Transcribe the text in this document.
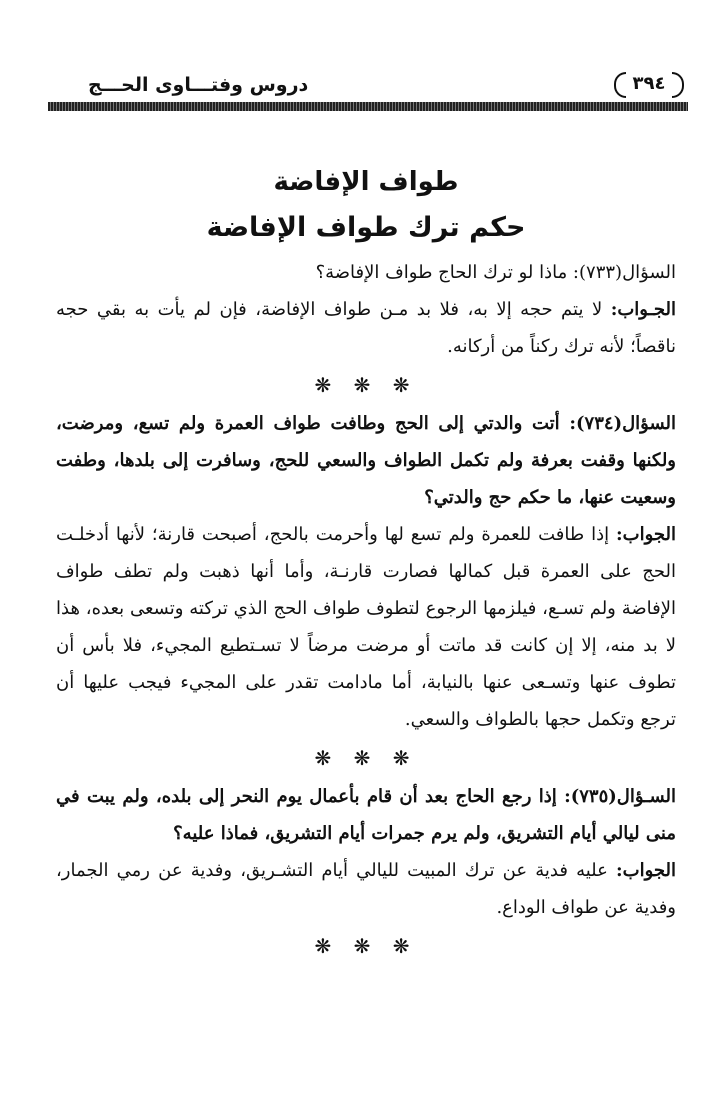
٣٩٤
دروس وفتـــاوى الحـــج
طواف الإفاضة
حكم ترك طواف الإفاضة

السؤال(٧٣٣): ماذا لو ترك الحاج طواف الإفاضة؟

الجـواب: لا يتم حجه إلا به، فلا بد مـن طواف الإفاضة، فإن لم يأت به بقي حجه ناقصاً؛ لأنه ترك ركناً من أركانه.

❋ ❋ ❋

السؤال(٧٣٤): أتت والدتي إلى الحج وطافت طواف العمرة ولم تسع، ومرضت، ولكنها وقفت بعرفة ولم تكمل الطواف والسعي للحج، وسافرت إلى بلدها، وطفت وسعيت عنها، ما حكم حج والدتي؟

الجواب: إذا طافت للعمرة ولم تسع لها وأحرمت بالحج، أصبحت قارنة؛ لأنها أدخلـت الحج على العمرة قبل كمالها فصارت قارنـة، وأما أنها ذهبت ولم تطف طواف الإفاضة ولم تسـع، فيلزمها الرجوع لتطوف طواف الحج الذي تركته وتسعى بعده، هذا لا بد منه، إلا إن كانت قد ماتت أو مرضت مرضاً لا تسـتطيع المجيء، فلا بأس أن تطوف عنها وتسـعى عنها بالنيابة، أما مادامت تقدر على المجيء فيجب عليها أن ترجع وتكمل حجها بالطواف والسعي.

❋ ❋ ❋

السـؤال(٧٣٥): إذا رجع الحاج بعد أن قام بأعمال يوم النحر إلى بلده، ولم يبت في منى ليالي أيام التشريق، ولم يرم جمرات أيام التشريق، فماذا عليه؟

الجواب: عليه فدية عن ترك المبيت لليالي أيام التشـريق، وفدية عن رمي الجمار، وفدية عن طواف الوداع.

❋ ❋ ❋
